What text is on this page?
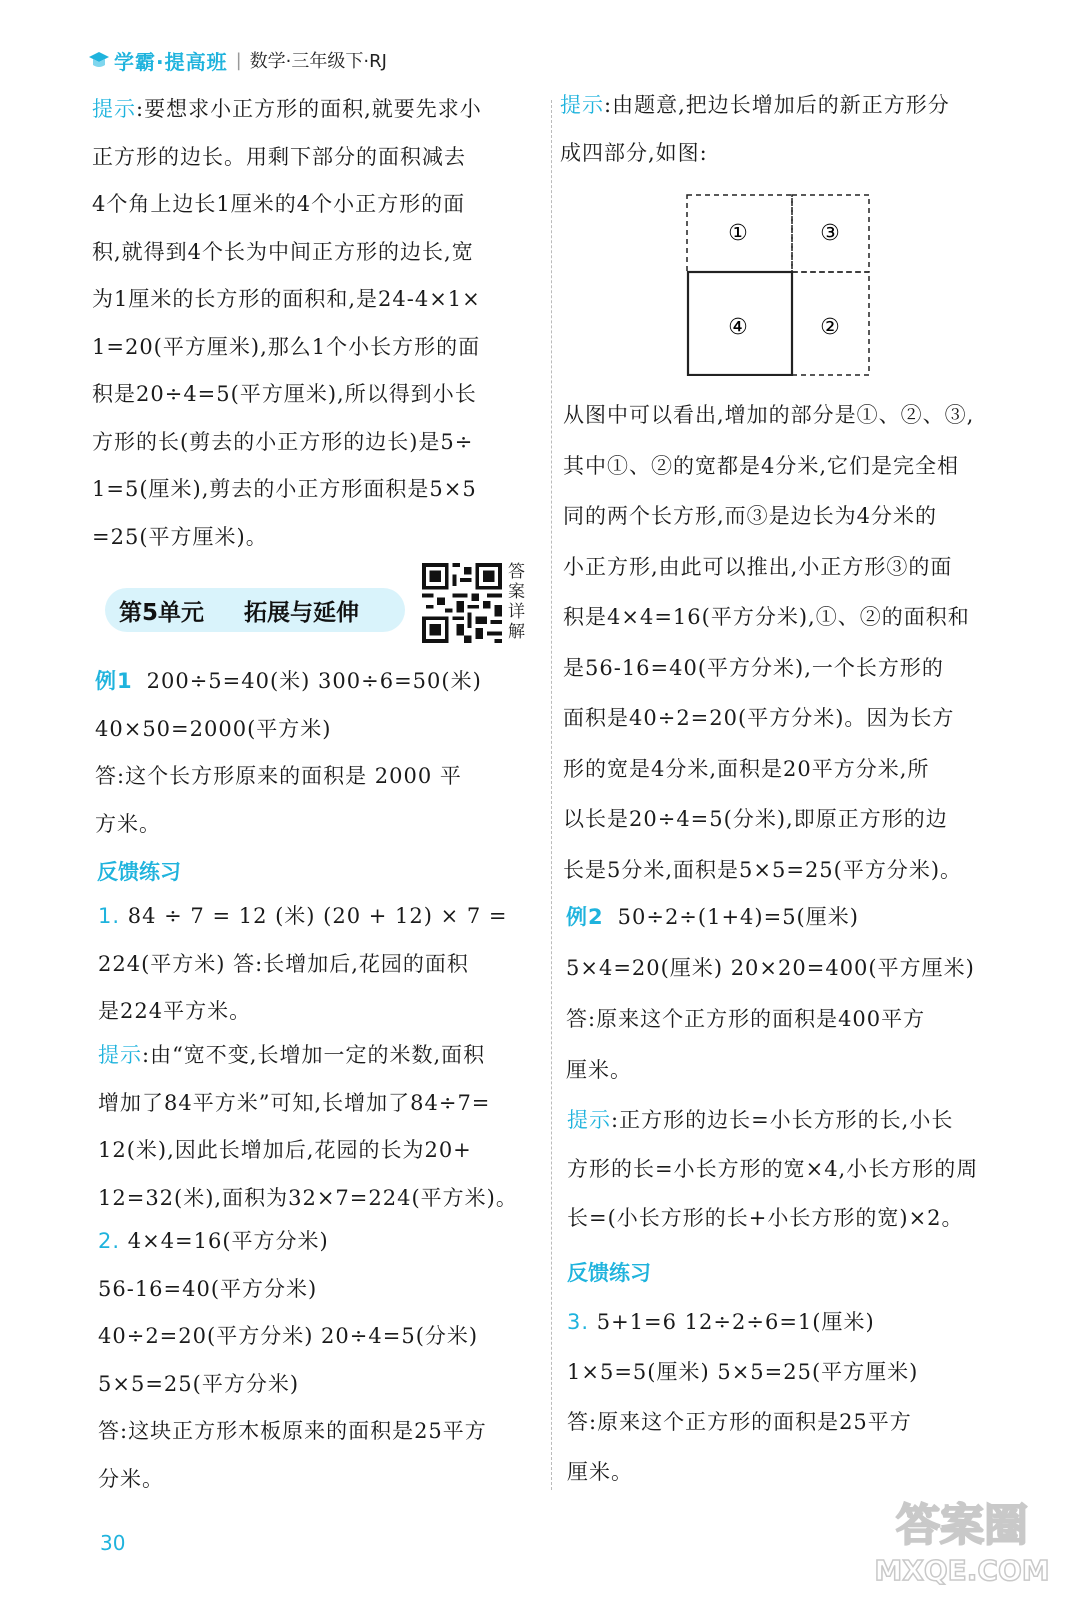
学霸·提高班 | 数学·三年级下·RJ
提示:要想求小正方形的面积,就要先求小
正方形的边长。用剩下部分的面积减去
4个角上边长1厘米的4个小正方形的面
积,就得到4个长为中间正方形的边长,宽
为1厘米的长方形的面积和,是24-4×1×
1=20(平方厘米),那么1个小长方形的面
积是20÷4=5(平方厘米),所以得到小长
方形的长(剪去的小正方形的边长)是5÷
1=5(厘米),剪去的小正方形面积是5×5
=25(平方厘米)。
第5单元 拓展与延伸
答案详解
例1 200÷5=40(米) 300÷6=50(米)
40×50=2000(平方米)
答:这个长方形原来的面积是 2000 平
方米。
反馈练习
1. 84 ÷ 7 = 12 (米) (20 + 12) × 7 =
224(平方米) 答:长增加后,花园的面积
是224平方米。
提示:由“宽不变,长增加一定的米数,面积
增加了84平方米”可知,长增加了84÷7=
12(米),因此长增加后,花园的长为20+
12=32(米),面积为32×7=224(平方米)。
2. 4×4=16(平方分米)
56-16=40(平方分米)
40÷2=20(平方分米) 20÷4=5(分米)
5×5=25(平方分米)
答:这块正方形木板原来的面积是25平方
分米。
提示:由题意,把边长增加后的新正方形分
成四部分,如图:
①	③
④	②
从图中可以看出,增加的部分是①、②、③,
其中①、②的宽都是4分米,它们是完全相
同的两个长方形,而③是边长为4分米的
小正方形,由此可以推出,小正方形③的面
积是4×4=16(平方分米),①、②的面积和
是56-16=40(平方分米),一个长方形的
面积是40÷2=20(平方分米)。因为长方
形的宽是4分米,面积是20平方分米,所
以长是20÷4=5(分米),即原正方形的边
长是5分米,面积是5×5=25(平方分米)。
例2 50÷2÷(1+4)=5(厘米)
5×4=20(厘米) 20×20=400(平方厘米)
答:原来这个正方形的面积是400平方
厘米。
提示:正方形的边长=小长方形的长,小长
方形的长=小长方形的宽×4,小长方形的周
长=(小长方形的长+小长方形的宽)×2。
反馈练习
3. 5+1=6 12÷2÷6=1(厘米)
1×5=5(厘米) 5×5=25(平方厘米)
答:原来这个正方形的面积是25平方
厘米。
30	答案圈
MXQE.COM
